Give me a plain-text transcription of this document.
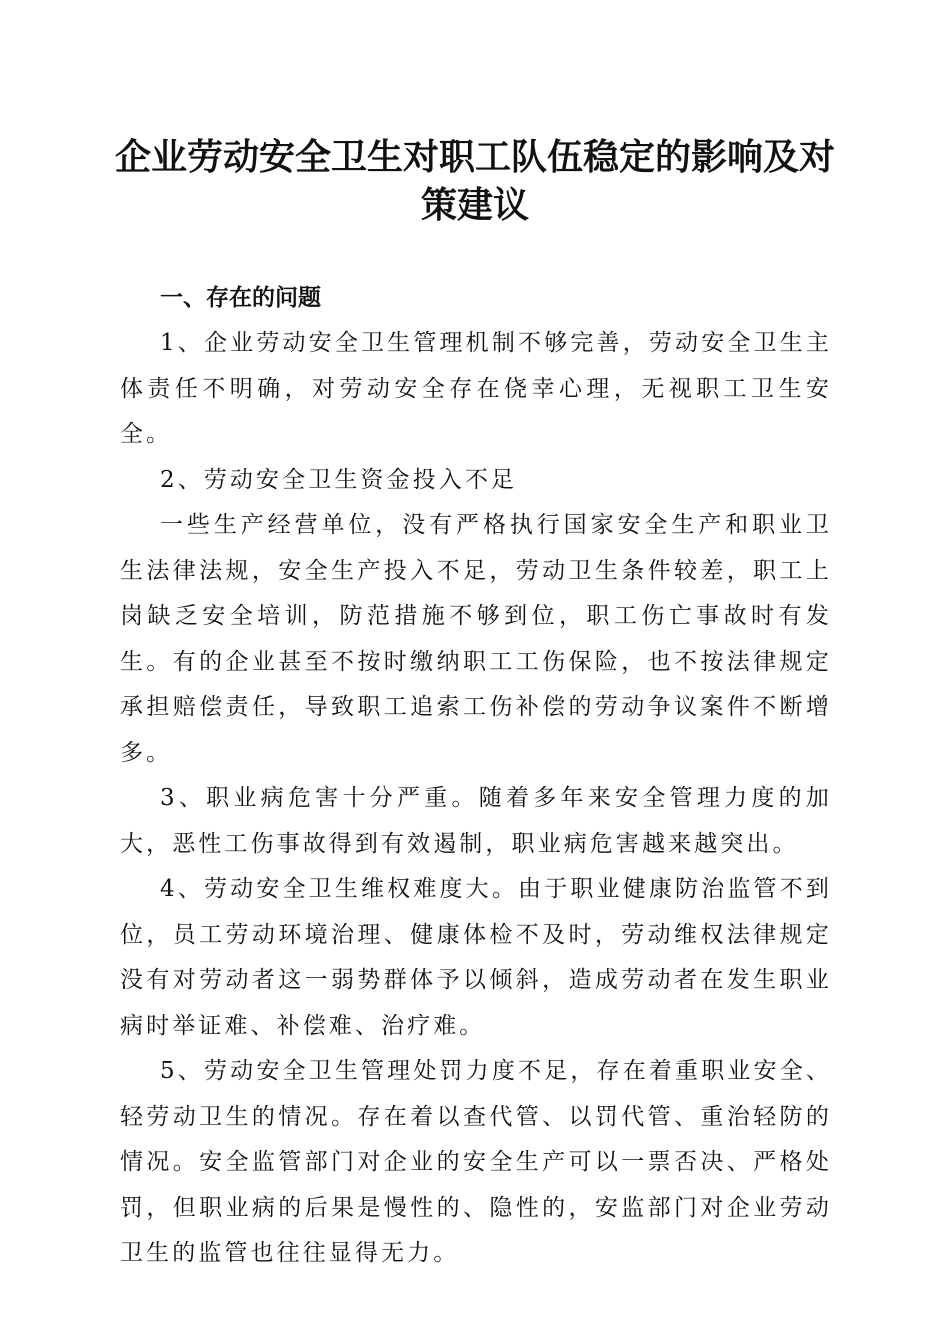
企业劳动安全卫生对职工队伍稳定的影响及对策建议
一、存在的问题

1、企业劳动安全卫生管理机制不够完善，劳动安全卫生主体责任不明确，对劳动安全存在侥幸心理，无视职工卫生安全。

2、劳动安全卫生资金投入不足

一些生产经营单位，没有严格执行国家安全生产和职业卫生法律法规，安全生产投入不足，劳动卫生条件较差，职工上岗缺乏安全培训，防范措施不够到位，职工伤亡事故时有发生。有的企业甚至不按时缴纳职工工伤保险，也不按法律规定承担赔偿责任，导致职工追索工伤补偿的劳动争议案件不断增多。

3、职业病危害十分严重。随着多年来安全管理力度的加大，恶性工伤事故得到有效遏制，职业病危害越来越突出。

4、劳动安全卫生维权难度大。由于职业健康防治监管不到位，员工劳动环境治理、健康体检不及时，劳动维权法律规定没有对劳动者这一弱势群体予以倾斜，造成劳动者在发生职业病时举证难、补偿难、治疗难。

5、劳动安全卫生管理处罚力度不足，存在着重职业安全、轻劳动卫生的情况。存在着以查代管、以罚代管、重治轻防的情况。安全监管部门对企业的安全生产可以一票否决、严格处罚，但职业病的后果是慢性的、隐性的，安监部门对企业劳动卫生的监管也往往显得无力。
